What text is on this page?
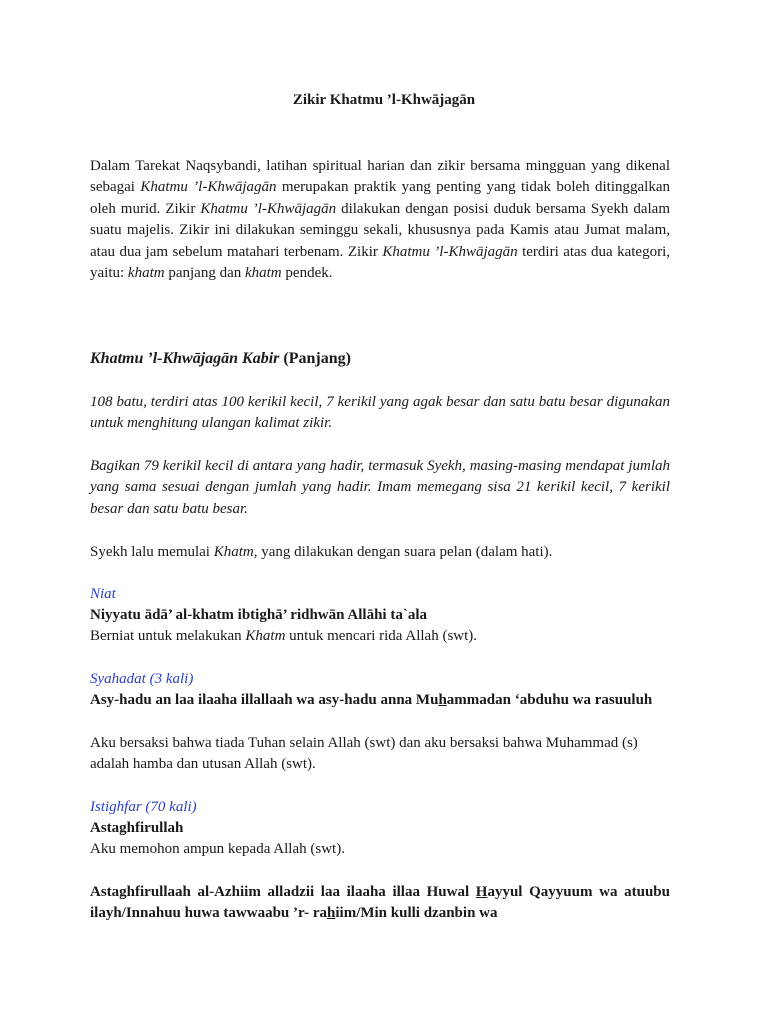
Zikir Khatmu ’l-Khwājagān

Dalam Tarekat Naqsybandi, latihan spiritual harian dan zikir bersama mingguan yang dikenal sebagai Khatmu ’l-Khwājagān merupakan praktik yang penting yang tidak boleh ditinggalkan oleh murid. Zikir Khatmu ’l-Khwājagān dilakukan dengan posisi duduk bersama Syekh dalam suatu majelis. Zikir ini dilakukan seminggu sekali, khususnya pada Kamis atau Jumat malam, atau dua jam sebelum matahari terbenam. Zikir Khatmu ’l-Khwājagān terdiri atas dua kategori, yaitu: khatm panjang dan khatm pendek.

Khatmu ’l-Khwājagān Kabir (Panjang)

108 batu, terdiri atas 100 kerikil kecil, 7 kerikil yang agak besar dan satu batu besar digunakan untuk menghitung ulangan kalimat zikir.

Bagikan 79 kerikil kecil di antara yang hadir, termasuk Syekh, masing-masing mendapat jumlah yang sama sesuai dengan jumlah yang hadir. Imam memegang sisa 21 kerikil kecil, 7 kerikil besar dan satu batu besar.

Syekh lalu memulai Khatm, yang dilakukan dengan suara pelan (dalam hati).

Niat

Niyyatu ādā’ al-khatm ibtighā’ ridhwān Allāhi ta`ala

Berniat untuk melakukan Khatm untuk mencari rida Allah (swt).

Syahadat (3 kali)

Asy-hadu an laa ilaaha illallaah wa asy-hadu anna Muhammadan ‘abduhu wa rasuuluh

Aku bersaksi bahwa tiada Tuhan selain Allah (swt) dan aku bersaksi bahwa Muhammad (s) adalah hamba dan utusan Allah (swt).

Istighfar (70 kali)

Astaghfirullah

Aku memohon ampun kepada Allah (swt).

Astaghfirullaah al-Azhiim alladzii laa ilaaha illaa Huwal Hayyul Qayyuum wa atuubu ilayh/Innahuu huwa tawwaabu ’r- rahiim/Min kulli dzanbin wa
